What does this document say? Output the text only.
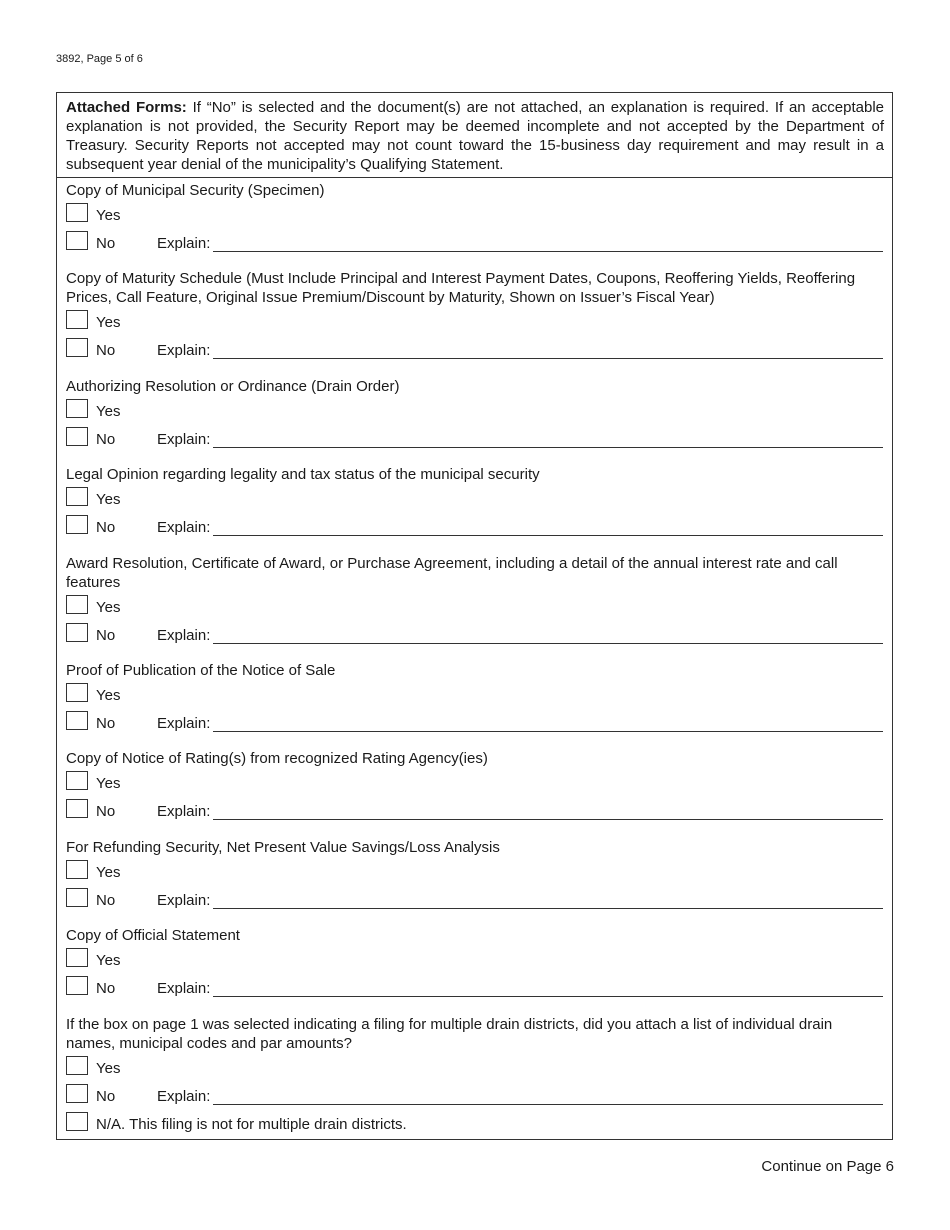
3892, Page 5 of 6
Attached Forms: If “No” is selected and the document(s) are not attached, an explanation is required. If an acceptable explanation is not provided, the Security Report may be deemed incomplete and not accepted by the Department of Treasury. Security Reports not accepted may not count toward the 15-business day requirement and may result in a subsequent year denial of the municipality’s Qualifying Statement.
Copy of Municipal Security (Specimen)
Yes
No	Explain:
Copy of Maturity Schedule (Must Include Principal and Interest Payment Dates, Coupons, Reoffering Yields, Reoffering Prices, Call Feature, Original Issue Premium/Discount by Maturity, Shown on Issuer’s Fiscal Year)
Yes
No	Explain:
Authorizing Resolution or Ordinance (Drain Order)
Yes
No	Explain:
Legal Opinion regarding legality and tax status of the municipal security
Yes
No	Explain:
Award Resolution, Certificate of Award, or Purchase Agreement, including a detail of the annual interest rate and call features
Yes
No	Explain:
Proof of Publication of the Notice of Sale
Yes
No	Explain:
Copy of Notice of Rating(s) from recognized Rating Agency(ies)
Yes
No	Explain:
For Refunding Security, Net Present Value Savings/Loss Analysis
Yes
No	Explain:
Copy of Official Statement
Yes
No	Explain:
If the box on page 1 was selected indicating a filing for multiple drain districts, did you attach a list of individual drain names, municipal codes and par amounts?
Yes
No	Explain:
N/A. This filing is not for multiple drain districts.
Continue on Page 6
